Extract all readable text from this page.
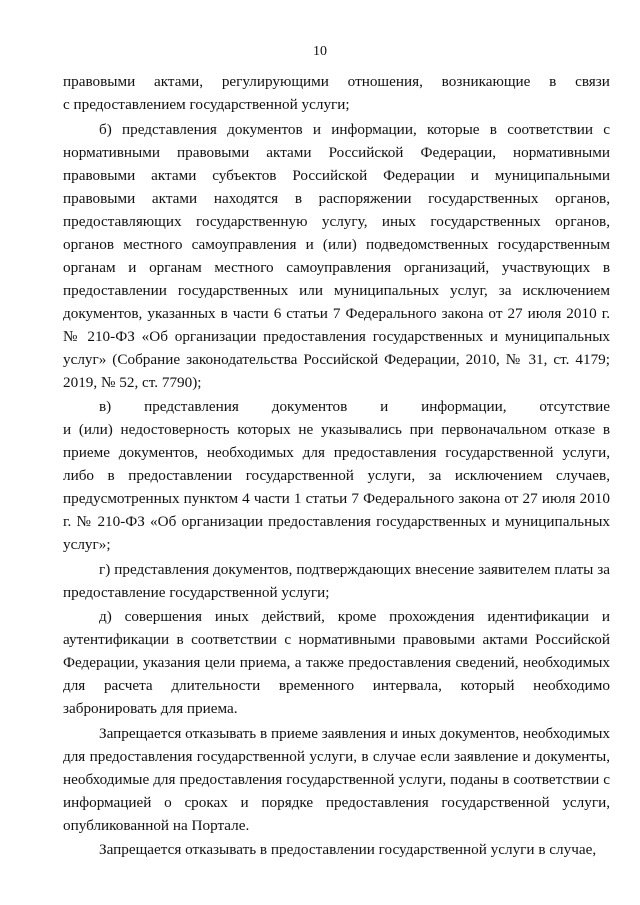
10
правовыми актами, регулирующими отношения, возникающие в связи
с предоставлением государственной услуги;

б) представления документов и информации, которые в соответствии с нормативными правовыми актами Российской Федерации, нормативными правовыми актами субъектов Российской Федерации и муниципальными правовыми актами находятся в распоряжении государственных органов, предоставляющих государственную услугу, иных государственных органов, органов местного самоуправления и (или) подведомственных государственным органам и органам местного самоуправления организаций, участвующих в предоставлении государственных или муниципальных услуг, за исключением документов, указанных в части 6 статьи 7 Федерального закона от 27 июля 2010 г. № 210-ФЗ «Об организации предоставления государственных и муниципальных услуг» (Собрание законодательства Российской Федерации, 2010, № 31, ст. 4179; 2019, № 52, ст. 7790);

в) представления документов и информации, отсутствие
и (или) недостоверность которых не указывались при первоначальном отказе в приеме документов, необходимых для предоставления государственной услуги, либо в предоставлении государственной услуги, за исключением случаев, предусмотренных пунктом 4 части 1 статьи 7 Федерального закона от 27 июля 2010 г. № 210-ФЗ «Об организации предоставления государственных и муниципальных услуг»;

г) представления документов, подтверждающих внесение заявителем платы за предоставление государственной услуги;

д) совершения иных действий, кроме прохождения идентификации и аутентификации в соответствии с нормативными правовыми актами Российской Федерации, указания цели приема, а также предоставления сведений, необходимых для расчета длительности временного интервала, который необходимо забронировать для приема.

Запрещается отказывать в приеме заявления и иных документов, необходимых для предоставления государственной услуги, в случае если заявление и документы, необходимые для предоставления государственной услуги, поданы в соответствии с информацией о сроках и порядке предоставления государственной услуги, опубликованной на Портале.

Запрещается отказывать в предоставлении государственной услуги в случае,
